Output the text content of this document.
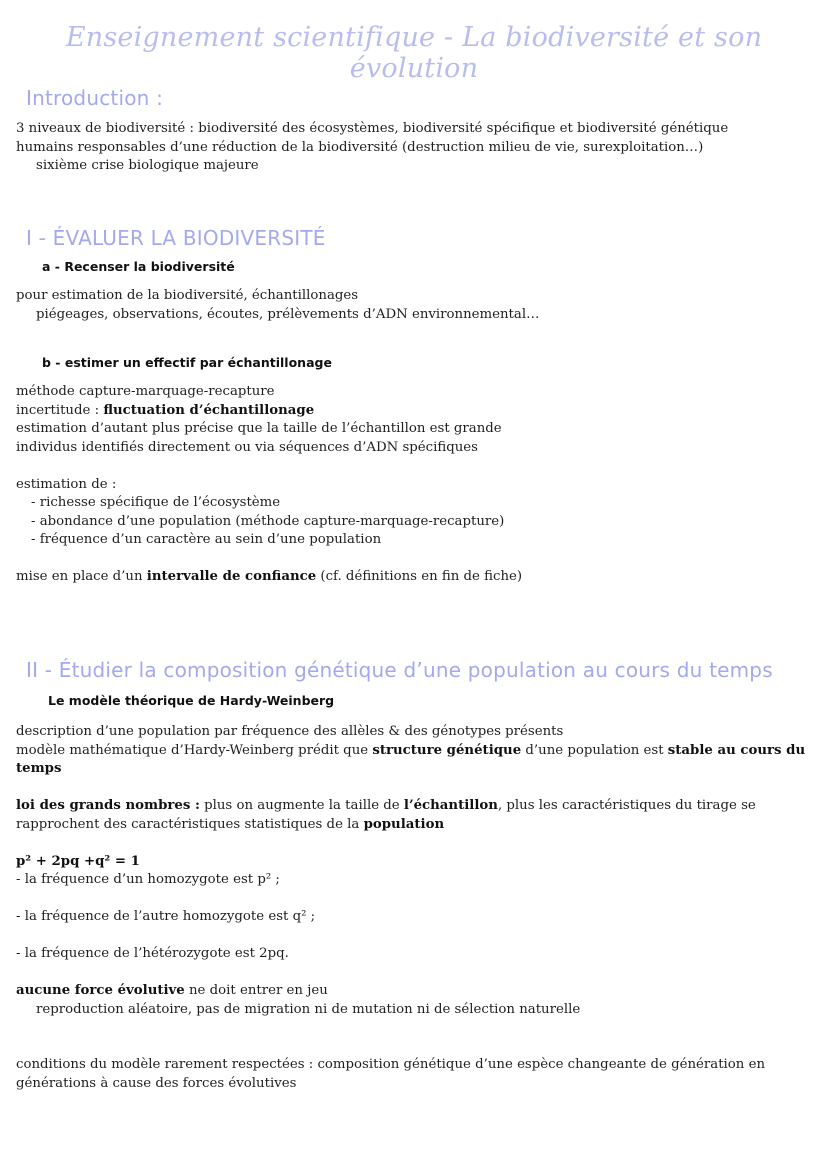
Enseignement scientifique - La biodiversité et son évolution
Introduction :

3 niveaux de biodiversité : biodiversité des écosystèmes, biodiversité spécifique et biodiversité génétique

humains responsables d’une réduction de la biodiversité (destruction milieu de vie, surexploitation…)

sixième crise biologique majeure

I - ÉVALUER LA BIODIVERSITÉ
a - Recenser la biodiversité

pour estimation de la biodiversité, échantillonages

piégeages, observations, écoutes, prélèvements d’ADN environnemental…

b - estimer un effectif par échantillonage

méthode capture-marquage-recapture

incertitude : fluctuation d’échantillonage

estimation d’autant plus précise que la taille de l’échantillon est grande

individus identifiés directement ou via séquences d’ADN spécifiques

estimation de :

- richesse spécifique de l’écosystème

- abondance d’une population (méthode capture-marquage-recapture)

- fréquence d’un caractère au sein d’une population

mise en place d’un intervalle de confiance (cf. définitions en fin de fiche)

II - Étudier la composition génétique d’une population au cours du temps
Le modèle théorique de Hardy-Weinberg

description d’une population par fréquence des allèles & des génotypes présents

modèle mathématique d’Hardy-Weinberg prédit que structure génétique d’une population est stable au cours du temps

loi des grands nombres : plus on augmente la taille de l’échantillon, plus les caractéristiques du tirage se rapprochent des caractéristiques statistiques de la population

p² + 2pq +q² = 1

- la fréquence d’un homozygote est p² ;

- la fréquence de l’autre homozygote est q² ;

- la fréquence de l’hétérozygote est 2pq.

aucune force évolutive ne doit entrer en jeu

reproduction aléatoire, pas de migration ni de mutation ni de sélection naturelle

conditions du modèle rarement respectées : composition génétique d’une espèce changeante de génération en générations à cause des forces évolutives
